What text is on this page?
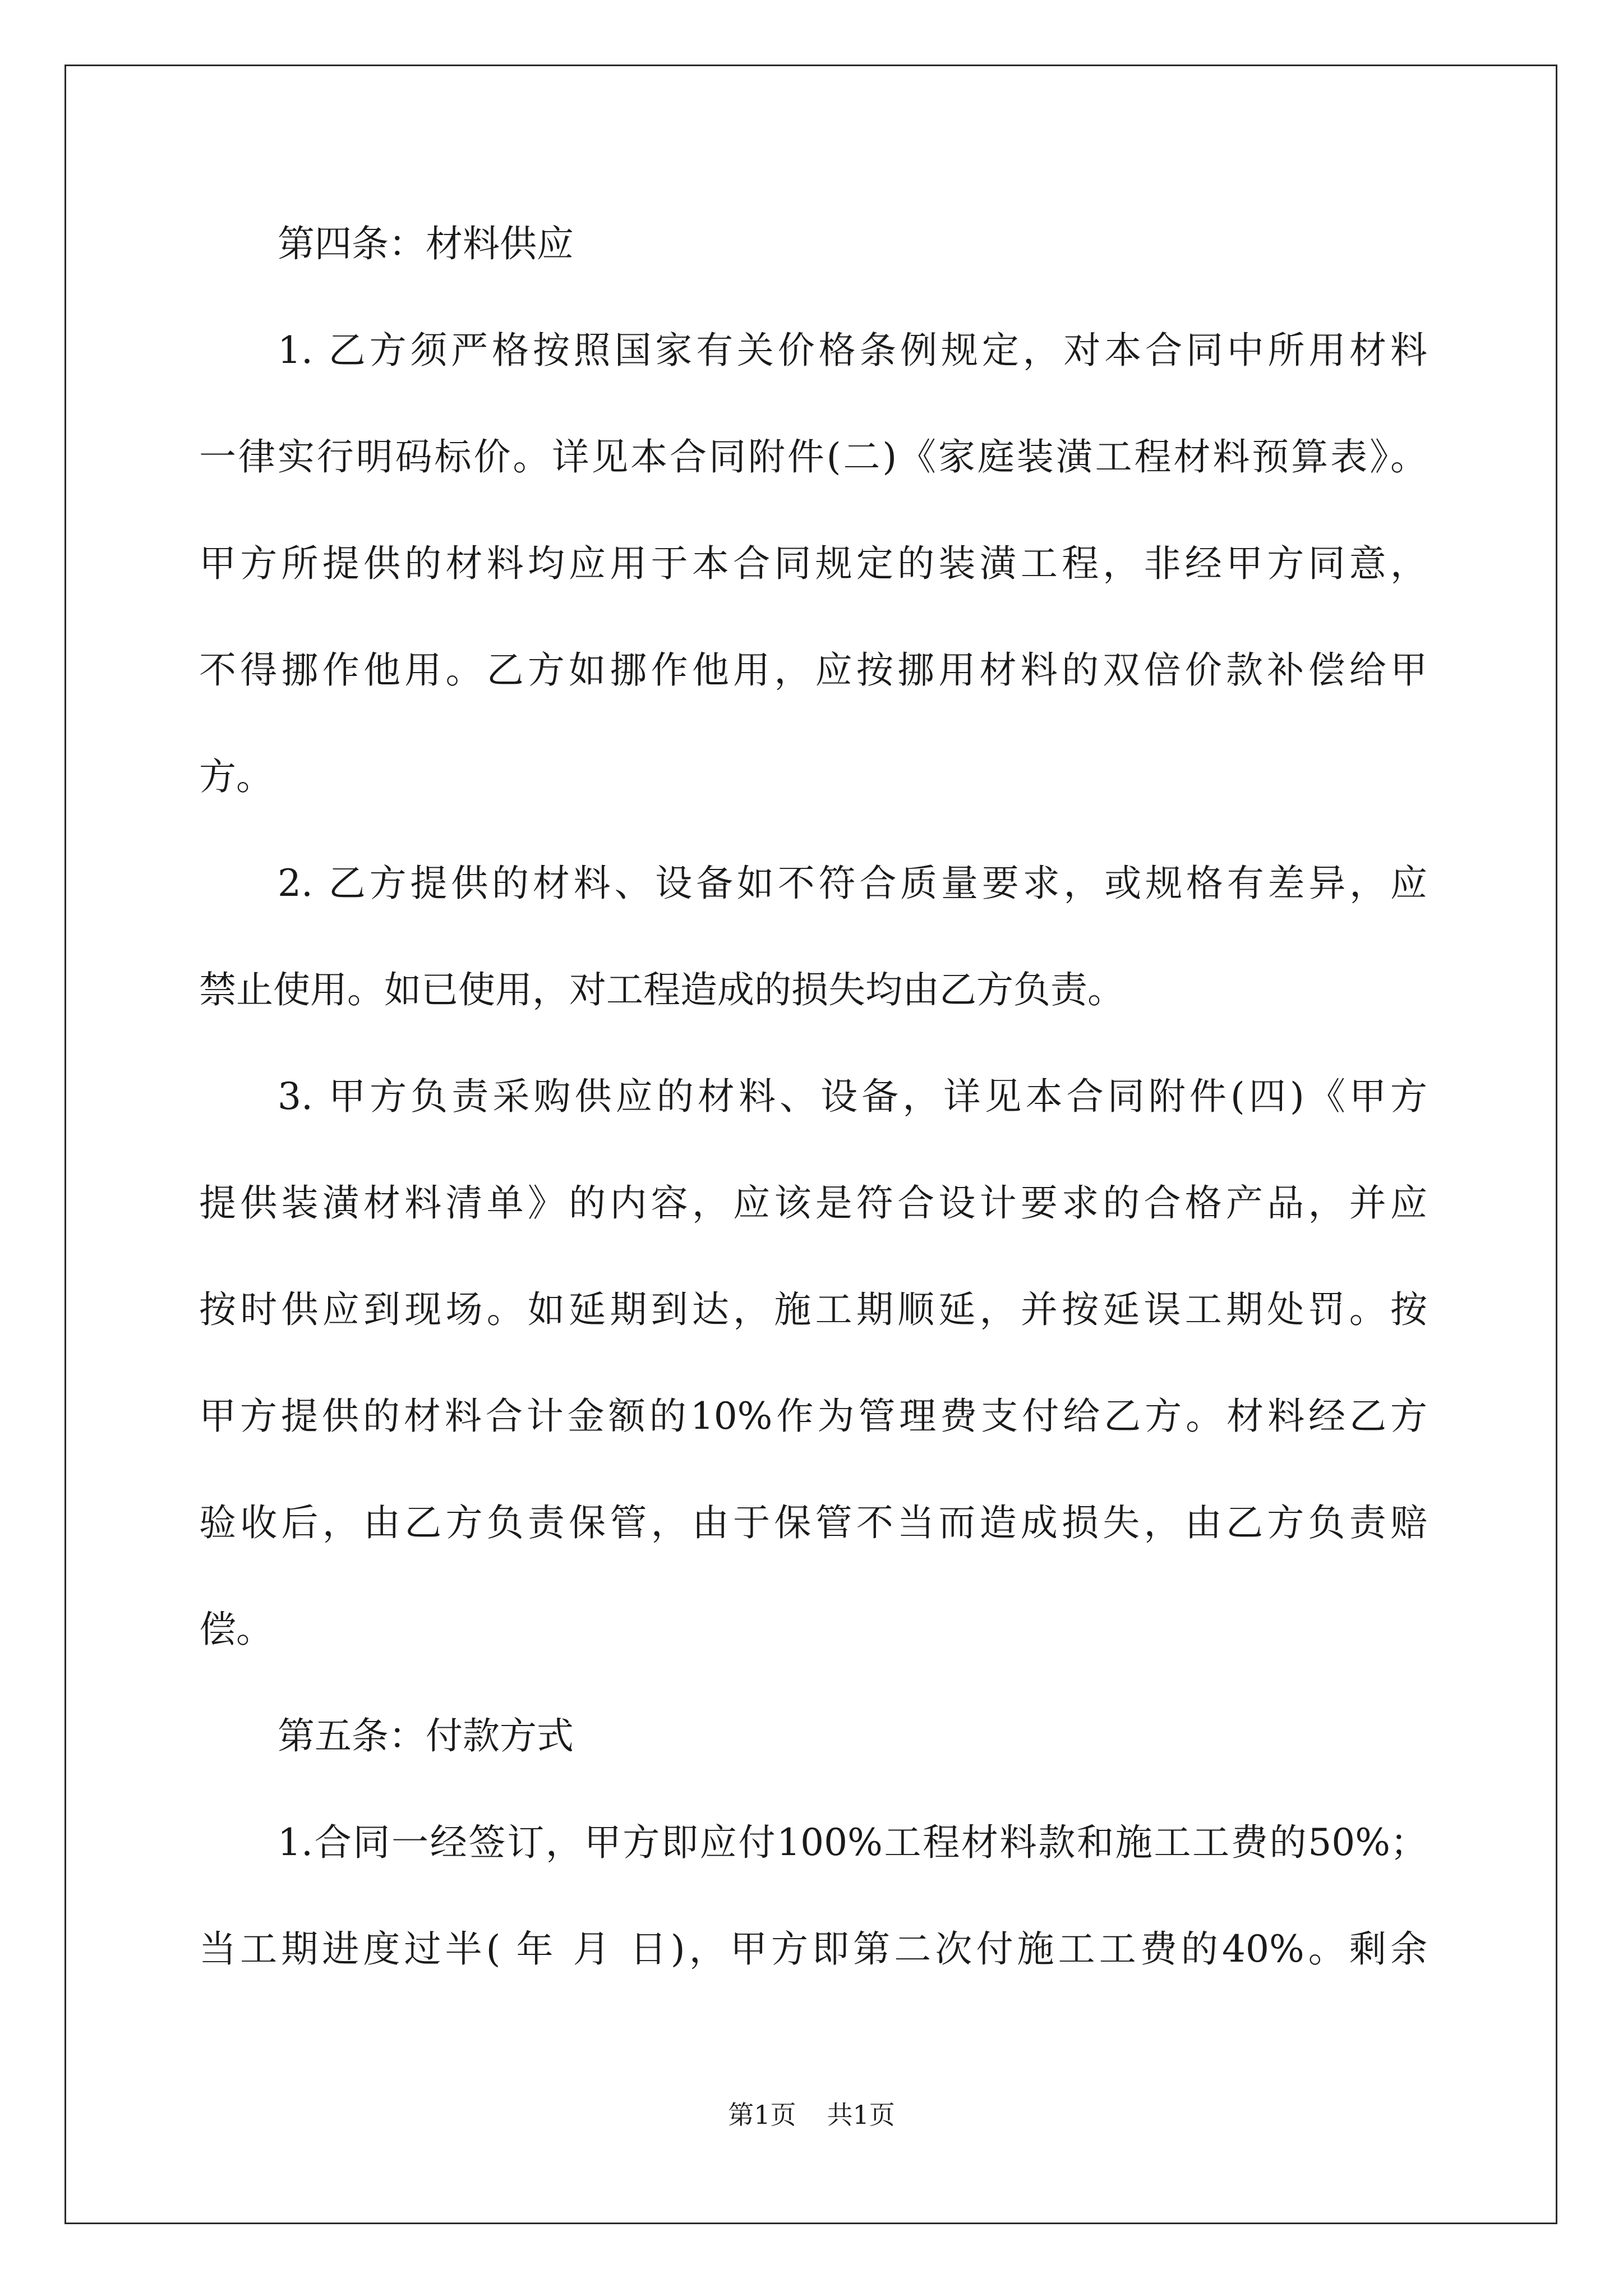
第四条：材料供应
1. 乙方须严格按照国家有关价格条例规定，对本合同中所用材料
一律实行明码标价。详见本合同附件(二)《家庭装潢工程材料预算表》。
甲方所提供的材料均应用于本合同规定的装潢工程，非经甲方同意，
不得挪作他用。乙方如挪作他用，应按挪用材料的双倍价款补偿给甲
方。
2. 乙方提供的材料、设备如不符合质量要求，或规格有差异，应
禁止使用。如已使用，对工程造成的损失均由乙方负责。
3. 甲方负责采购供应的材料、设备，详见本合同附件(四)《甲方
提供装潢材料清单》的内容，应该是符合设计要求的合格产品，并应
按时供应到现场。如延期到达，施工期顺延，并按延误工期处罚。按
甲方提供的材料合计金额的10%作为管理费支付给乙方。材料经乙方
验收后，由乙方负责保管，由于保管不当而造成损失，由乙方负责赔
偿。
第五条：付款方式
1.合同一经签订，甲方即应付100%工程材料款和施工工费的50%；
当工期进度过半( 年 月 日)，甲方即第二次付施工工费的40%。剩余
第1页 共1页
